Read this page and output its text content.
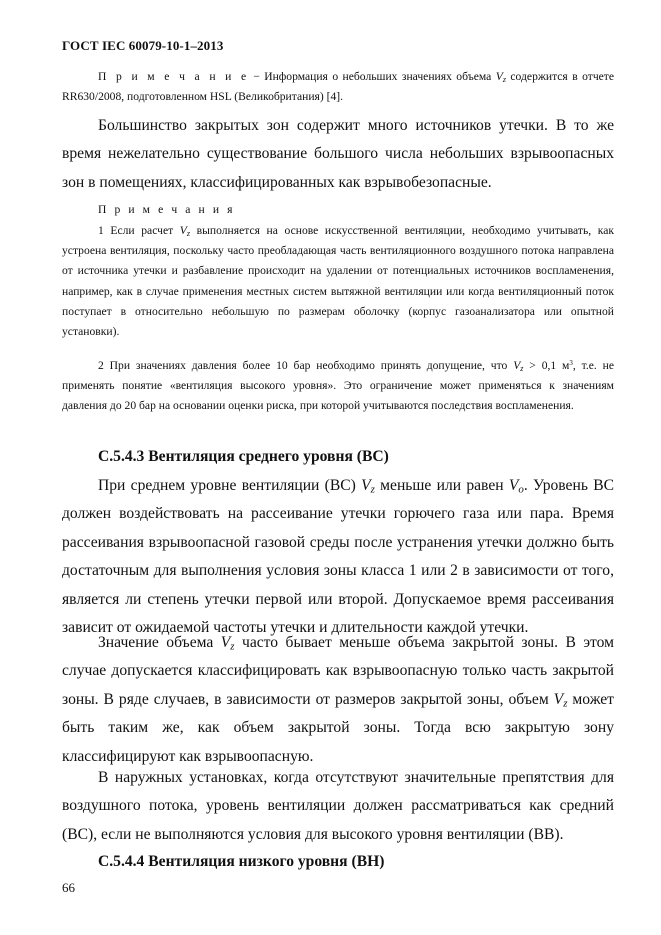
ГОСТ IEC 60079-10-1–2013
П р и м е ч а н и е − Информация о небольших значениях объема $V_z$ содержится в отчете RR630/2008, подготовленном HSL (Великобритания) [4].
Большинство закрытых зон содержит много источников утечки. В то же время нежелательно существование большого числа небольших взрывоопасных зон в помещениях, классифицированных как взрывобезопасные.
П р и м е ч а н и я
1 Если расчет $V_z$ выполняется на основе искусственной вентиляции, необходимо учитывать, как устроена вентиляция, поскольку часто преобладающая часть вентиляционного воздушного потока направлена от источника утечки и разбавление происходит на удалении от потенциальных источников воспламенения, например, как в случае применения местных систем вытяжной вентиляции или когда вентиляционный поток поступает в относительно небольшую по размерам оболочку (корпус газоанализатора или опытной установки).
2 При значениях давления более 10 бар необходимо принять допущение, что $V_z > 0,1$ $м^3$, т.е. не применять понятие «вентиляция высокого уровня». Это ограничение может применяться к значениям давления до 20 бар на основании оценки риска, при которой учитываются последствия воспламенения.
С.5.4.3 Вентиляция среднего уровня (ВС)
При среднем уровне вентиляции (ВС) $V_z$ меньше или равен $V_o$. Уровень ВС должен воздействовать на рассеивание утечки горючего газа или пара. Время рассеивания взрывоопасной газовой среды после устранения утечки должно быть достаточным для выполнения условия зоны класса 1 или 2 в зависимости от того, является ли степень утечки первой или второй. Допускаемое время рассеивания зависит от ожидаемой частоты утечки и длительности каждой утечки.
Значение объема $V_z$ часто бывает меньше объема закрытой зоны. В этом случае допускается классифицировать как взрывоопасную только часть закрытой зоны. В ряде случаев, в зависимости от размеров закрытой зоны, объем $V_z$ может быть таким же, как объем закрытой зоны. Тогда всю закрытую зону классифицируют как взрывоопасную.
В наружных установках, когда отсутствуют значительные препятствия для воздушного потока, уровень вентиляции должен рассматриваться как средний (ВС), если не выполняются условия для высокого уровня вентиляции (ВВ).
С.5.4.4 Вентиляция низкого уровня (ВН)
66
